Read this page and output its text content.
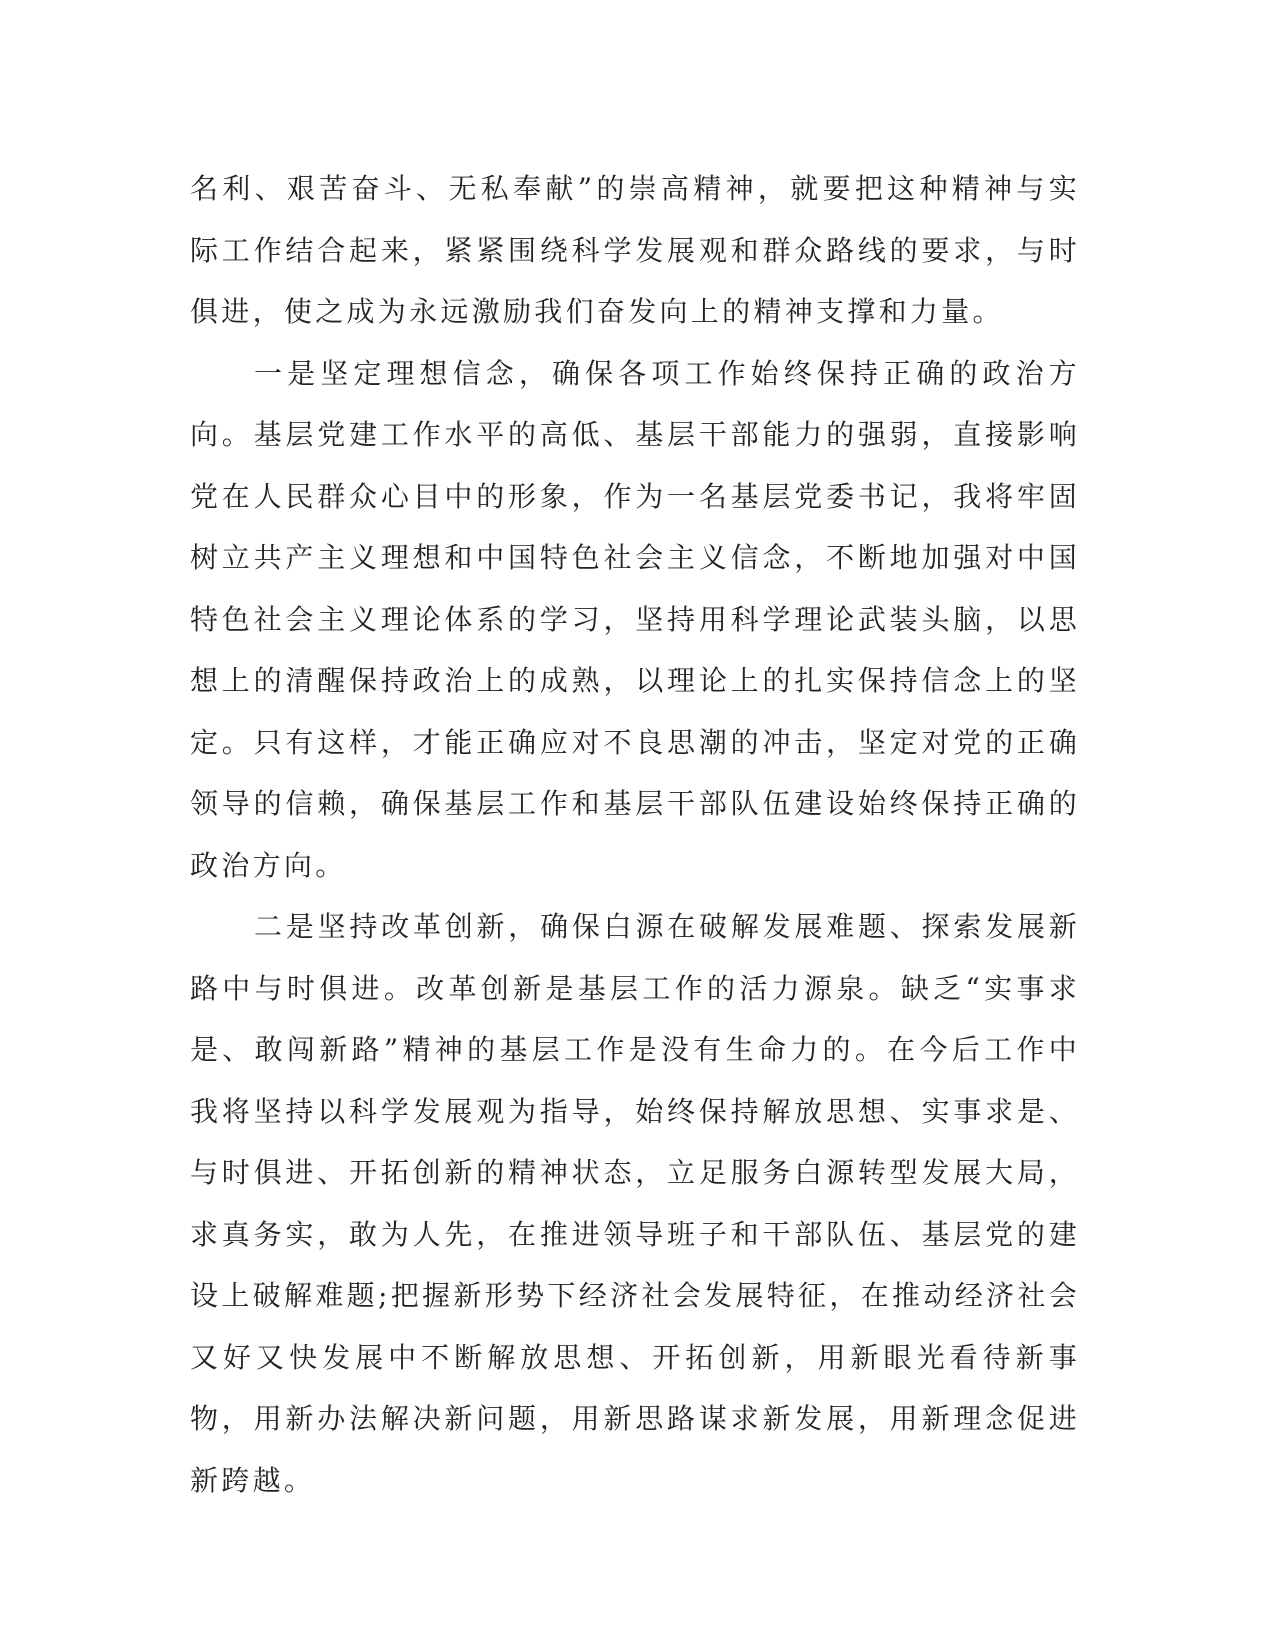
名利、艰苦奋斗、无私奉献”的崇高精神，就要把这种精神与实际工作结合起来，紧紧围绕科学发展观和群众路线的要求，与时俱进，使之成为永远激励我们奋发向上的精神支撑和力量。

一是坚定理想信念，确保各项工作始终保持正确的政治方向。基层党建工作水平的高低、基层干部能力的强弱，直接影响党在人民群众心目中的形象，作为一名基层党委书记，我将牢固树立共产主义理想和中国特色社会主义信念，不断地加强对中国特色社会主义理论体系的学习，坚持用科学理论武装头脑，以思想上的清醒保持政治上的成熟，以理论上的扎实保持信念上的坚定。只有这样，才能正确应对不良思潮的冲击，坚定对党的正确领导的信赖，确保基层工作和基层干部队伍建设始终保持正确的政治方向。

二是坚持改革创新，确保白源在破解发展难题、探索发展新路中与时俱进。改革创新是基层工作的活力源泉。缺乏“实事求是、敢闯新路”精神的基层工作是没有生命力的。在今后工作中我将坚持以科学发展观为指导，始终保持解放思想、实事求是、与时俱进、开拓创新的精神状态，立足服务白源转型发展大局，求真务实，敢为人先，在推进领导班子和干部队伍、基层党的建设上破解难题;把握新形势下经济社会发展特征，在推动经济社会又好又快发展中不断解放思想、开拓创新，用新眼光看待新事物，用新办法解决新问题，用新思路谋求新发展，用新理念促进新跨越。
